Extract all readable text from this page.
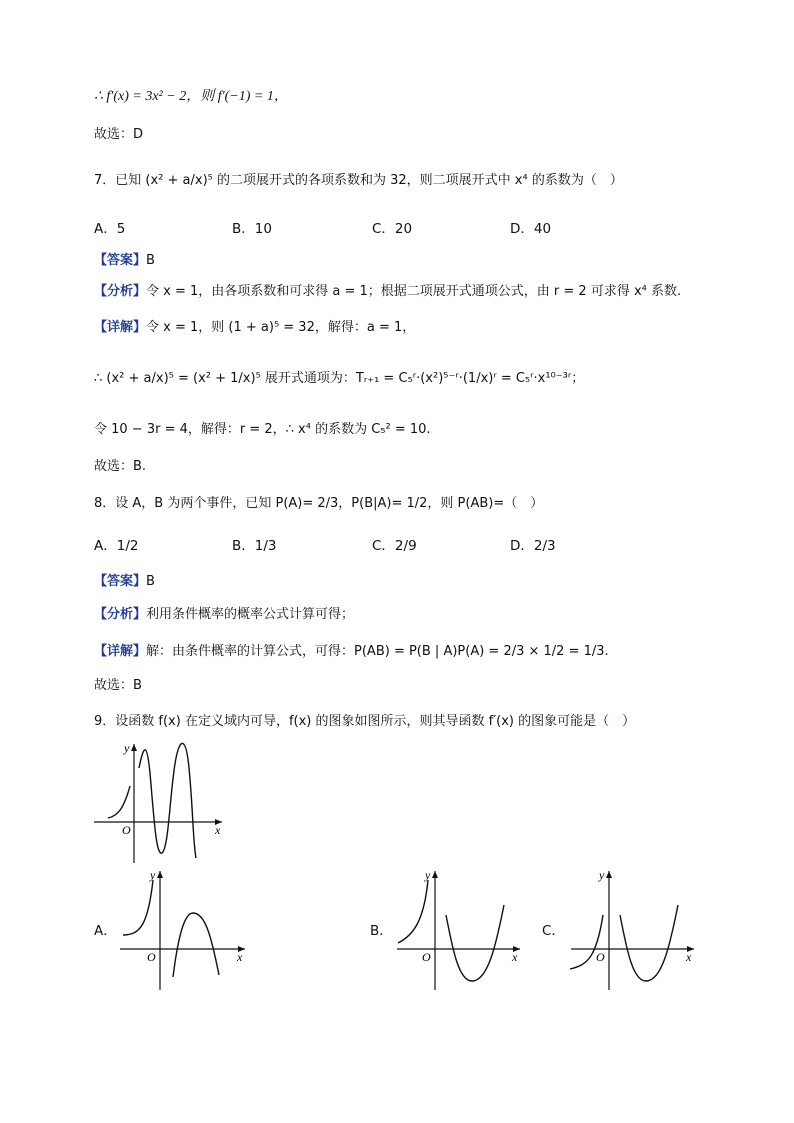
∴ f′(x) = 3x² − 2，则 f′(−1) = 1，
故选：D
7．已知 (x² + a/x)⁵ 的二项展开式的各项系数和为 32，则二项展开式中 x⁴ 的系数为（　）
A．5	B．10	C．20	D．40
【答案】B
【分析】令 x = 1，由各项系数和可求得 a = 1；根据二项展开式通项公式，由 r = 2 可求得 x⁴ 系数.
【详解】令 x = 1，则 (1 + a)⁵ = 32，解得：a = 1，
∴ (x² + a/x)⁵ = (x² + 1/x)⁵ 展开式通项为：Tᵣ₊₁ = C₅ʳ·(x²)⁵⁻ʳ·(1/x)ʳ = C₅ʳ·x¹⁰⁻³ʳ；
令 10 − 3r = 4，解得：r = 2，∴ x⁴ 的系数为 C₅² = 10.
故选：B.
8．设 A，B 为两个事件，已知 P(A)= 2/3，P(B|A)= 1/2，则 P(AB)=（　）
A．1/2	B．1/3	C．2/9	D．2/3
【答案】B
【分析】利用条件概率的概率公式计算可得；
【详解】解：由条件概率的计算公式，可得：P(AB) = P(B | A)P(A) = 2/3 × 1/2 = 1/3.
故选：B
9．设函数 f(x) 在定义域内可导，f(x) 的图象如图所示，则其导函数 f′(x) 的图象可能是（　）
y
x
O
A．
y
x
O
B．
y
x
O
C．
y
x
O
